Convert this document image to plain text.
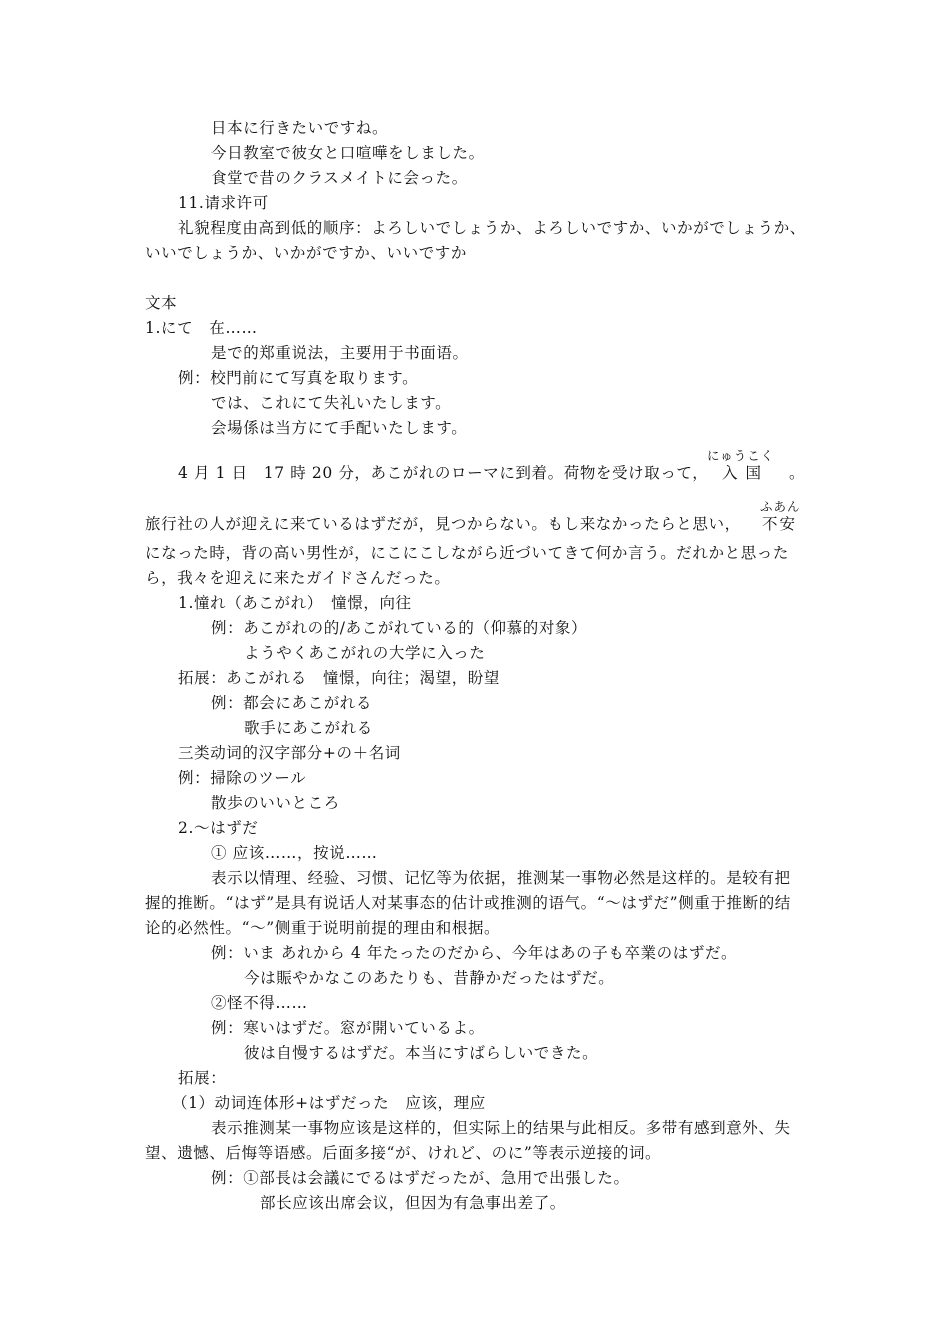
日本に行きたいですね。
今日教室で彼女と口喧嘩をしました。
食堂で昔のクラスメイトに会った。
11.请求许可
礼貌程度由高到低的顺序：よろしいでしょうか、よろしいですか、いかがでしょうか、
いいでしょうか、いかがですか、いいですか
文本
1.にて　在……
是で的郑重说法，主要用于书面语。
例：校門前にて写真を取ります。
では、これにて失礼いたします。
会場係は当方にて手配いたします。
4 月 1 日　17 時 20 分，あこがれのローマに到着。荷物を受け取って，
にゅうこく
入国 。
旅行社の人が迎えに来ているはずだが，見つからない。もし来なかったらと思い，
ふあん
不安
になった時，背の高い男性が，にこにこしながら近づいてきて何か言う。だれかと思った
ら，我々を迎えに来たガイドさんだった。
1.憧れ（あこがれ）　憧憬，向往
例：あこがれの的/あこがれている的（仰慕的对象）
ようやくあこがれの大学に入った
拓展：あこがれる　憧憬，向往；渴望，盼望
例：都会にあこがれる
歌手にあこがれる
三类动词的汉字部分+の＋名词
例：掃除のツール
散歩のいいところ
2.～はずだ
① 应该……，按说……
表示以情理、经验、习惯、记忆等为依据，推测某一事物必然是这样的。是较有把
握的推断。“はず”是具有说话人对某事态的估计或推测的语气。“～はずだ”侧重于推断的结
论的必然性。“～”侧重于说明前提的理由和根据。
例：いま あれから 4 年たったのだから、今年はあの子も卒業のはずだ。
今は賑やかなこのあたりも、昔静かだったはずだ。
②怪不得……
例：寒いはずだ。窓が開いているよ。
彼は自慢するはずだ。本当にすばらしいできた。
拓展：
（1）动词连体形+はずだった　应该，理应
表示推测某一事物应该是这样的，但实际上的结果与此相反。多带有感到意外、失
望、遗憾、后悔等语感。后面多接“が、けれど、のに”等表示逆接的词。
例：①部長は会議にでるはずだったが、急用で出張した。
部长应该出席会议，但因为有急事出差了。
